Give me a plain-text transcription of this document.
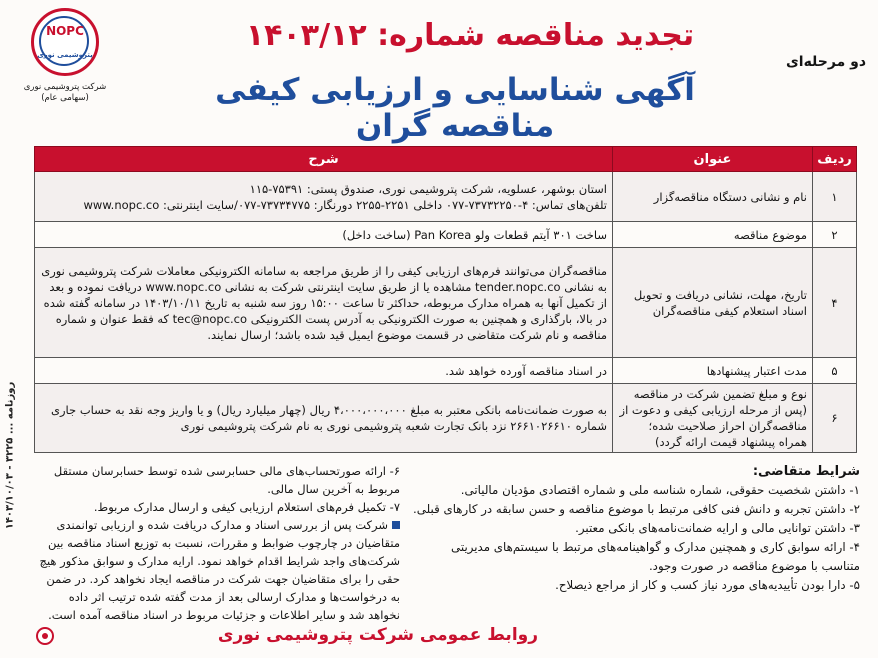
روزنامه ... ۳۲۲۵ - ۱۴۰۳/۱۰/۰۳
NOPC
پتروشیمی نوری
شرکت پتروشیمی نوری
(سهامی عام)
تجدید مناقصه شماره: ۱۴۰۳/۱۲
دو مرحله‌ای
آگهی شناسایی و ارزیابی کیفی مناقصه گران
ردیف	عنوان	شرح
۱	نام و نشانی دستگاه مناقصه‌گزار	استان بوشهر، عسلویه، شرکت پتروشیمی نوری، صندوق پستی: ۷۵۳۹۱-۱۱۵
تلفن‌های تماس: ۴-۷۳۷۳۲۲۵۰-۰۷۷ داخلی ۲۲۵۱-۲۲۵۵ دورنگار: ۷۳۷۳۴۷۷۵-۰۷۷/سایت اینترنتی: www.nopc.co

۲	موضوع مناقصه	ساخت ۳۰۱ آیتم قطعات ولو Pan Korea (ساخت داخل)
۴	تاریخ، مهلت، نشانی دریافت و تحویل اسناد استعلام کیفی مناقصه‌گران	مناقصه‌گران می‌توانند فرم‌های ارزیابی کیفی را از طریق مراجعه به سامانه الکترونیکی معاملات شرکت پتروشیمی نوری به نشانی tender.nopc.co مشاهده یا از طریق سایت اینترنتی شرکت به نشانی www.nopc.co دریافت نموده و بعد از تکمیل آنها به همراه مدارک مربوطه، حداکثر تا ساعت ۱۵:۰۰ روز سه شنبه به تاریخ ۱۴۰۳/۱۰/۱۱ در سامانه گفته شده در بالا، بارگذاری و همچنین به صورت الکترونیکی به آدرس پست الکترونیکی tec@nopc.co که فقط عنوان و شماره مناقصه و نام شرکت متقاضی در قسمت موضوع ایمیل قید شده باشد؛ ارسال نمایند.
۵	مدت اعتبار پیشنهادها	در اسناد مناقصه آورده خواهد شد.
۶	نوع و مبلغ تضمین شرکت در مناقصه (پس از مرحله ارزیابی کیفی و دعوت از مناقصه‌گران احراز صلاحیت شده؛ همراه پیشنهاد قیمت ارائه گردد)	به صورت ضمانت‌نامه بانکی معتبر به مبلغ ۴،۰۰۰،۰۰۰،۰۰۰ ریال (چهار میلیارد ریال) و یا واریز وجه نقد به حساب جاری شماره ۲۶۶۱۰۲۶۶۱۰ نزد بانک تجارت شعبه پتروشیمی نوری به نام شرکت پتروشیمی نوری
شرایط متقاضی:
۱- داشتن شخصیت حقوقی، شماره شناسه ملی و شماره اقتصادی مؤدیان مالیاتی.
۲- داشتن تجربه و دانش فنی کافی مرتبط با موضوع مناقصه و حسن سابقه در کارهای قبلی.
۳- داشتن توانایی مالی و ارایه ضمانت‌نامه‌های بانکی معتبر.
۴- ارائه سوابق کاری و همچنین مدارک و گواهینامه‌های مرتبط با سیستم‌های مدیریتی متناسب با موضوع مناقصه در صورت وجود.
۵- دارا بودن تأییدیه‌های مورد نیاز کسب و کار از مراجع ذیصلاح.
۶- ارائه صورتحساب‌های مالی حسابرسی شده توسط حسابرسان مستقل مربوط به آخرین سال مالی.
۷- تکمیل فرم‌های استعلام ارزیابی کیفی و ارسال مدارک مربوط.
شرکت پس از بررسی اسناد و مدارک دریافت شده و ارزیابی توانمندی متقاضیان در چارچوب ضوابط و مقررات، نسبت به توزیع اسناد مناقصه بین شرکت‌های واجد شرایط اقدام خواهد نمود. ارایه مدارک و سوابق مذکور هیچ حقی را برای متقاضیان جهت شرکت در مناقصه ایجاد نخواهد کرد. در ضمن به درخواست‌ها و مدارک ارسالی بعد از مدت گفته شده ترتیب اثر داده نخواهد شد و سایر اطلاعات و جزئیات مربوط در اسناد مناقصه آمده است.
روابط عمومی شرکت پتروشیمی نوری
